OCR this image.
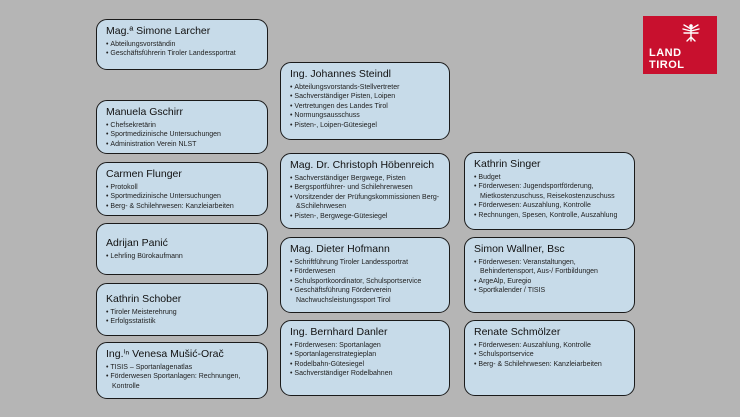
Mag.ª Simone Larcher
• Abteilungsvorständin
• Geschäftsführerin Tiroler Landessportrat
Manuela Gschirr
• Chefsekretärin
• Sportmedizinische Untersuchungen
• Administration Verein NLST
Carmen Flunger
• Protokoll
• Sportmedizinische Untersuchungen
• Berg- & Schilehrwesen: Kanzleiarbeiten
Adrijan Panić
• Lehrling Bürokaufmann
Kathrin Schober
• Tiroler Meisterehrung
• Erfolgsstatistik
Ing.ⁱⁿ Venesa Mušić-Orač
• TISIS – Sportanlagenatlas
• Förderwesen Sportanlagen: Rechnungen, Kontrolle
Ing. Johannes Steindl
• Abteilungsvorstands-Stellvertreter
• Sachverständiger Pisten, Loipen
• Vertretungen des Landes Tirol
• Normungsausschuss
• Pisten-, Loipen-Gütesiegel
Mag. Dr. Christoph Höbenreich
• Sachverständiger Bergwege, Pisten
• Bergsportführer- und Schilehrerwesen
• Vorsitzender der Prüfungskommissionen Berg-&Schilehrwesen
• Pisten-, Bergwege-Gütesiegel
Mag. Dieter Hofmann
• Schriftführung Tiroler Landessportrat
• Förderwesen
• Schulsportkoordinator, Schulsportservice
• Geschäftsführung Förderverein Nachwuchsleistungssport Tirol
Ing. Bernhard Danler
• Förderwesen: Sportanlagen
• Sportanlagenstrategieplan
• Rodelbahn-Gütesiegel
• Sachverständiger Rodelbahnen
Kathrin Singer
• Budget
• Förderwesen: Jugendsportförderung, Mietkostenzuschuss, Reisekostenzuschuss
• Förderwesen: Auszahlung, Kontrolle
• Rechnungen, Spesen, Kontrolle, Auszahlung
Simon Wallner, Bsc
• Förderwesen: Veranstaltungen, Behindertensport, Aus-/ Fortbildungen
• ArgeAlp, Euregio
• Sportkalender / TISIS
Renate Schmölzer
• Förderwesen: Auszahlung, Kontrolle
• Schulsportservice
• Berg- & Schilehrwesen: Kanzleiarbeiten
LAND
TIROL
